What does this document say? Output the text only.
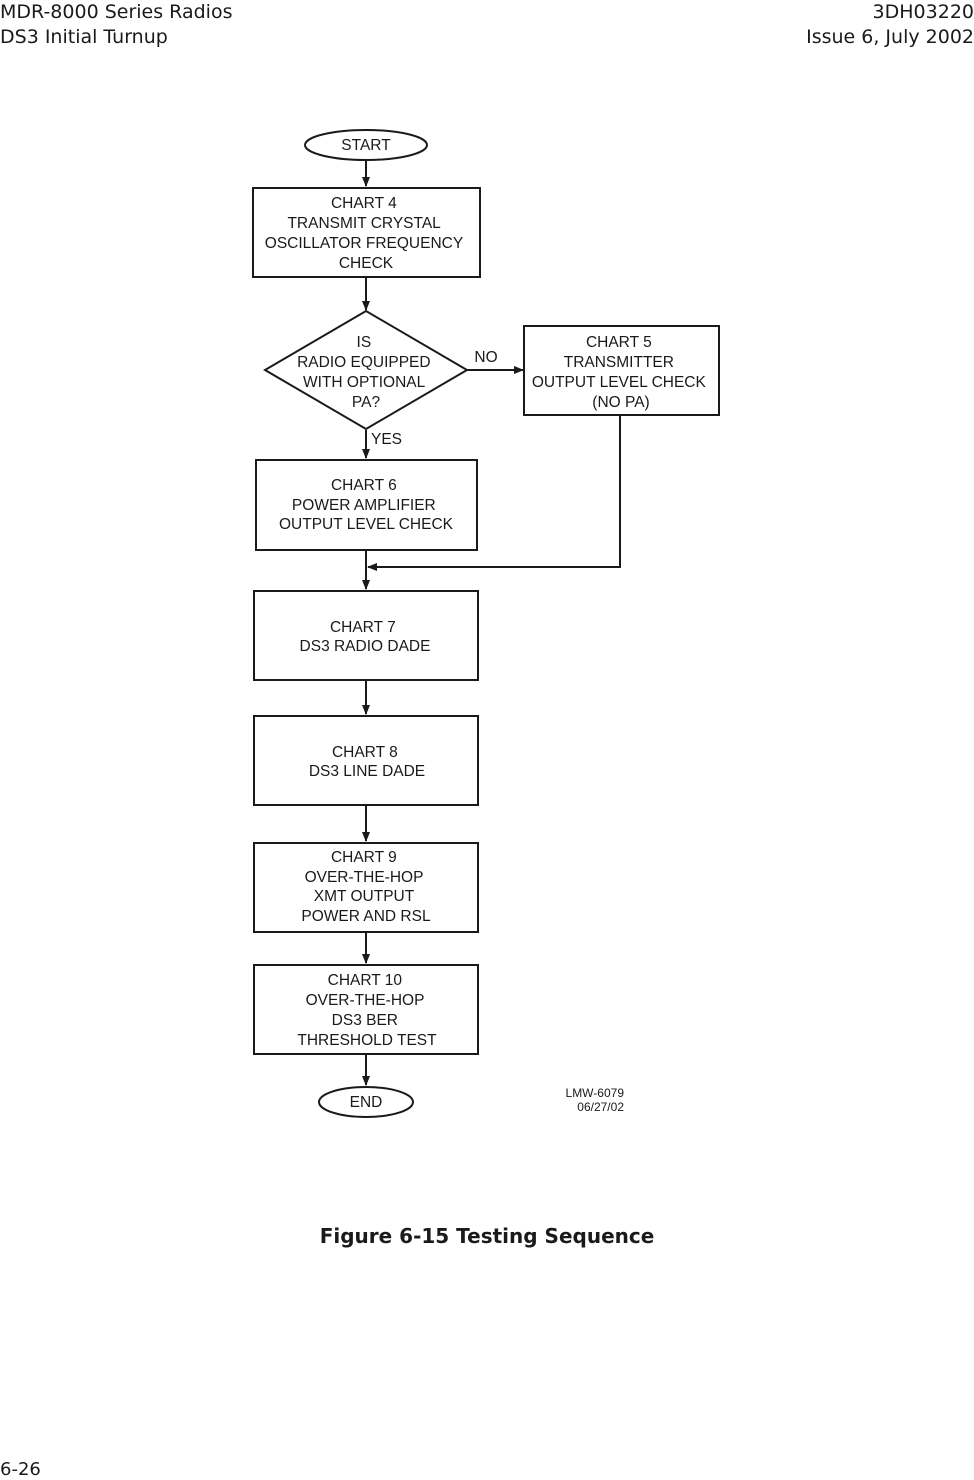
MDR-8000 Series Radios
DS3 Initial Turnup
3DH03220
Issue 6, July 2002
START
CHART 4 TRANSMIT CRYSTAL OSCILLATOR FREQUENCY CHECK
IS RADIO EQUIPPED WITH OPTIONAL PA?
NO
YES
CHART 5 TRANSMITTER OUTPUT LEVEL CHECK (NO PA)
CHART 6 POWER AMPLIFIER OUTPUT LEVEL CHECK
CHART 7 DS3 RADIO DADE
CHART 8 DS3 LINE DADE
CHART 9 OVER-THE-HOP XMT OUTPUT POWER AND RSL
CHART 10 OVER-THE-HOP DS3 BER THRESHOLD TEST
END
LMW-6079
06/27/02
Figure 6-15 Testing Sequence
6-26
